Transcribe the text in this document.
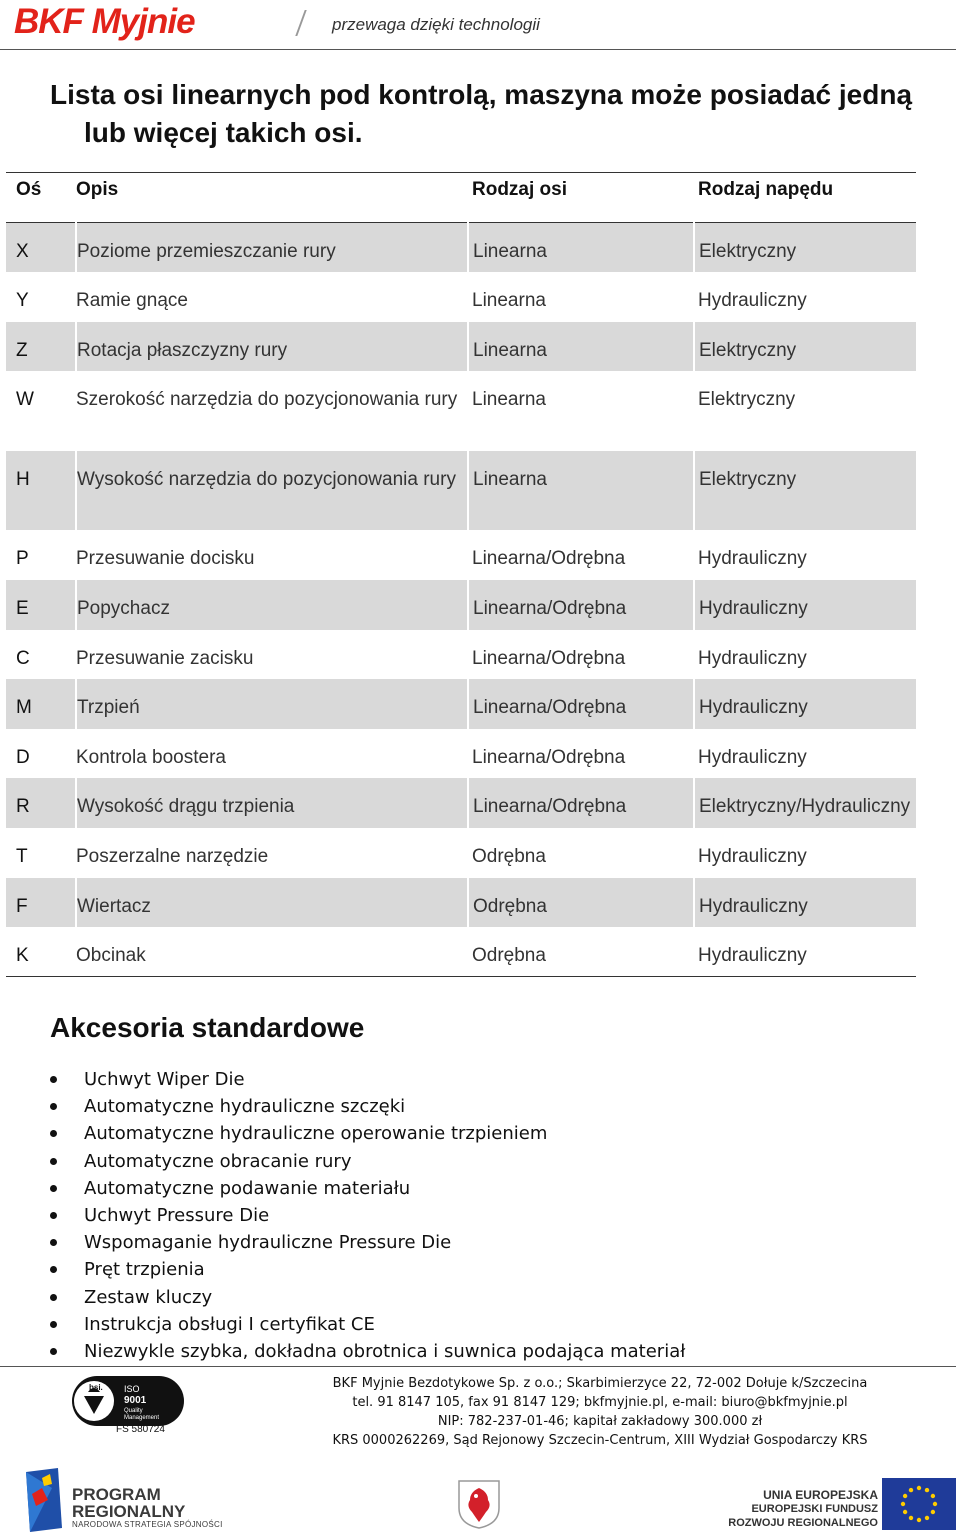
BKF Myjnie	przewaga dzięki technologii
Lista osi linearnych pod kontrolą, maszyna może posiadać jedną
lub więcej takich osi.
Oś	Opis	Rodzaj osi	Rodzaj napędu
X	Poziome przemieszczanie rury	Linearna	Elektryczny
Y	Ramie gnące	Linearna	Hydrauliczny
Z	Rotacja płaszczyzny rury	Linearna	Elektryczny
W	Szerokość narzędzia do pozycjonowania rury	Linearna	Elektryczny
H	Wysokość narzędzia do pozycjonowania rury	Linearna	Elektryczny
P	Przesuwanie docisku	Linearna/Odrębna	Hydrauliczny
E	Popychacz	Linearna/Odrębna	Hydrauliczny
C	Przesuwanie zacisku	Linearna/Odrębna	Hydrauliczny
M	Trzpień	Linearna/Odrębna	Hydrauliczny
D	Kontrola boostera	Linearna/Odrębna	Hydrauliczny
R	Wysokość drągu trzpienia	Linearna/Odrębna	Elektryczny/Hydrauliczny
T	Poszerzalne narzędzie	Odrębna	Hydrauliczny
F	Wiertacz	Odrębna	Hydrauliczny
K	Obcinak	Odrębna	Hydrauliczny
Akcesoria standardowe
Uchwyt Wiper Die
Automatyczne hydrauliczne szczęki
Automatyczne hydrauliczne operowanie trzpieniem
Automatyczne obracanie rury
Automatyczne podawanie materiału
Uchwyt Pressure Die
Wspomaganie hydrauliczne Pressure Die
Pręt trzpienia
Zestaw kluczy
Instrukcja obsługi I certyfikat CE
Niezwykle szybka, dokładna obrotnica i suwnica podająca materiał
bsi. ISO
9001
Quality
Management
FS 580724
BKF Myjnie Bezdotykowe Sp. z o.o.; Skarbimierzyce 22, 72-002 Dołuje k/Szczecina
tel. 91 8147 105, fax 91 8147 129; bkfmyjnie.pl, e-mail: biuro@bkfmyjnie.pl
NIP: 782-237-01-46; kapitał zakładowy 300.000 zł
KRS 0000262269, Sąd Rejonowy Szczecin-Centrum, XIII Wydział Gospodarczy KRS
PROGRAM
REGIONALNY
NARODOWA STRATEGIA SPÓJNOŚCI
UNIA EUROPEJSKA
EUROPEJSKI FUNDUSZ
ROZWOJU REGIONALNEGO
